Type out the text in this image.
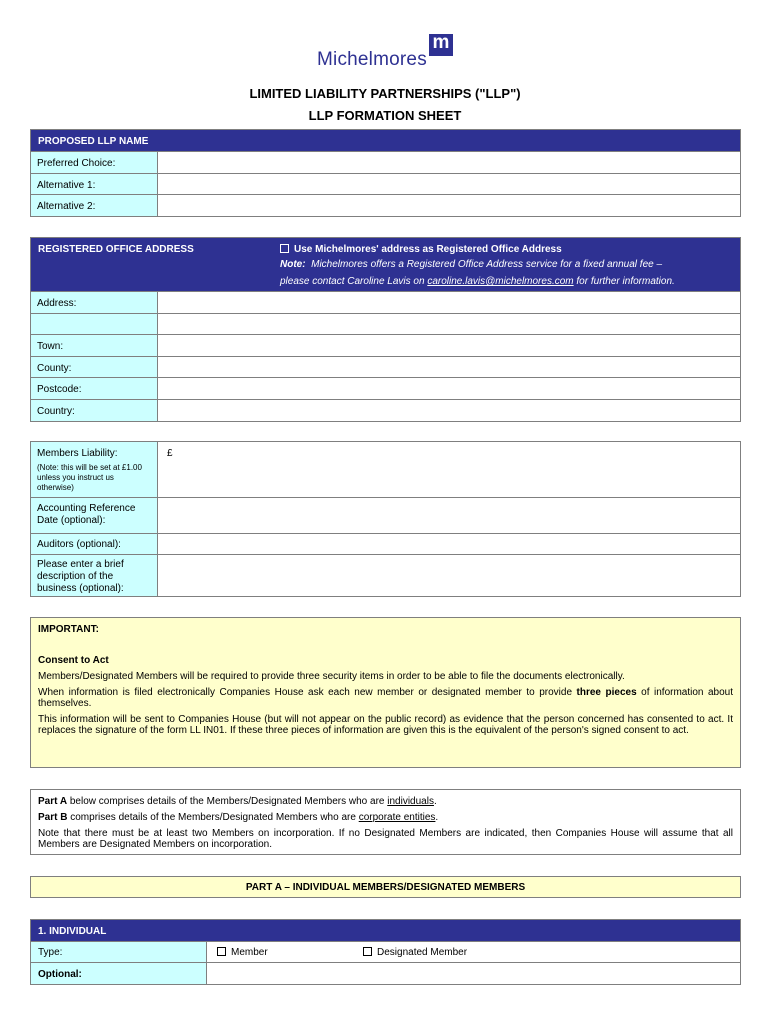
Michelmores
m
LIMITED LIABILITY PARTNERSHIPS ("LLP")
LLP FORMATION SHEET
PROPOSED LLP NAME
Preferred Choice:
Alternative 1:
Alternative 2:
REGISTERED OFFICE ADDRESS	Use Michelmores' address as Registered Office Address
Note: Michelmores offers a Registered Office Address service for a fixed annual fee –
please contact Caroline Lavis on caroline.lavis@michelmores.com for further information.
Address:
Town:
County:
Postcode:
Country:
Members Liability:
(Note: this will be set at £1.00 unless you instruct us otherwise)
£
Accounting Reference Date (optional):
Auditors (optional):
Please enter a brief description of the business (optional):
IMPORTANT:
Consent to Act
Members/Designated Members will be required to provide three security items in order to be able to file the documents electronically.
When information is filed electronically Companies House ask each new member or designated member to provide three pieces of information about themselves.
This information will be sent to Companies House (but will not appear on the public record) as evidence that the person concerned has consented to act. It replaces the signature of the form LL IN01. If these three pieces of information are given this is the equivalent of the person's signed consent to act.
Part A below comprises details of the Members/Designated Members who are individuals.
Part B comprises details of the Members/Designated Members who are corporate entities.
Note that there must be at least two Members on incorporation. If no Designated Members are indicated, then Companies House will assume that all Members are Designated Members on incorporation.
PART A – INDIVIDUAL MEMBERS/DESIGNATED MEMBERS
1. INDIVIDUAL
Type:	Member	Designated Member
Optional:
